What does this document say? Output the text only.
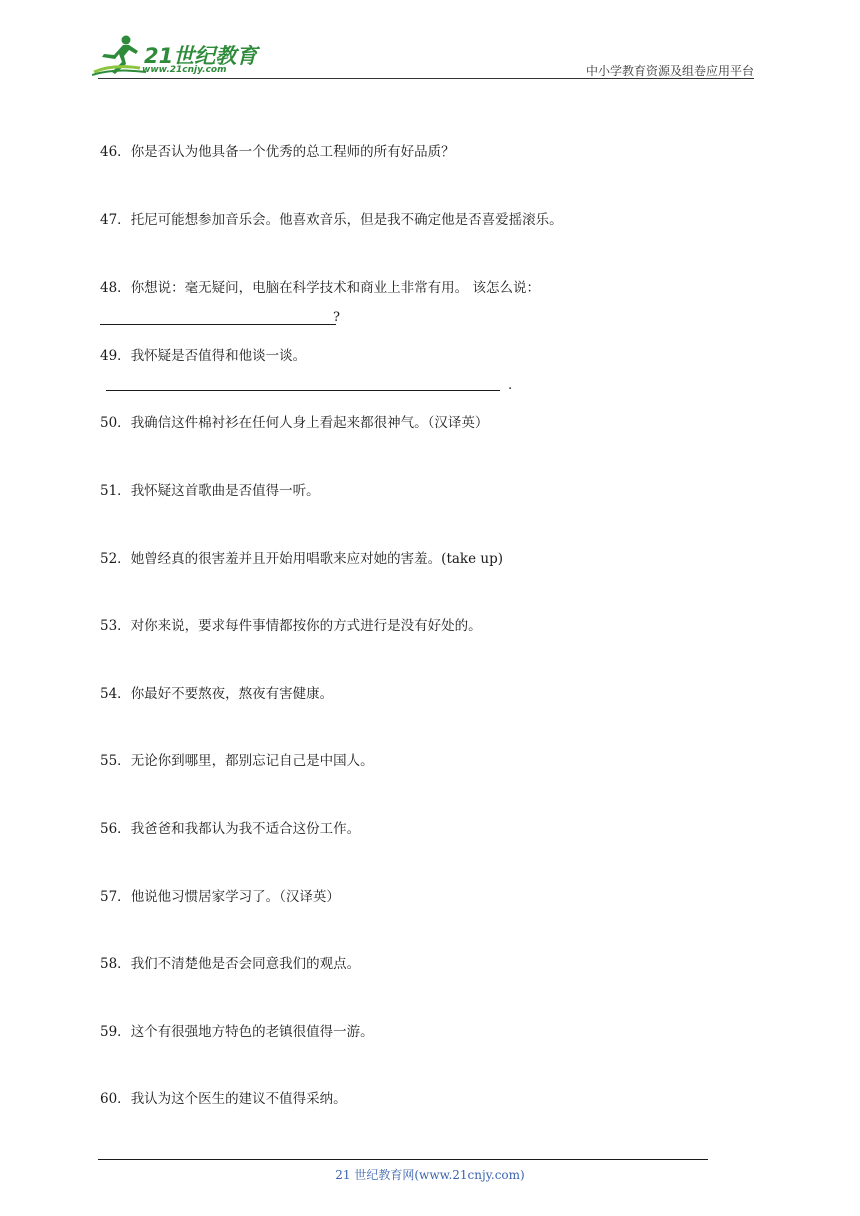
21世纪教育
www.21cnjy.com	中小学教育资源及组卷应用平台
46．你是否认为他具备一个优秀的总工程师的所有好品质？
47．托尼可能想参加音乐会。他喜欢音乐，但是我不确定他是否喜爱摇滚乐。
48．你想说：毫无疑问，电脑在科学技术和商业上非常有用。 该怎么说：
?
49．我怀疑是否值得和他谈一谈。
.
50．我确信这件棉衬衫在任何人身上看起来都很神气。（汉译英）
51．我怀疑这首歌曲是否值得一听。
52．她曾经真的很害羞并且开始用唱歌来应对她的害羞。(take up)
53．对你来说，要求每件事情都按你的方式进行是没有好处的。
54．你最好不要熬夜，熬夜有害健康。
55．无论你到哪里，都别忘记自己是中国人。
56．我爸爸和我都认为我不适合这份工作。
57．他说他习惯居家学习了。（汉译英）
58．我们不清楚他是否会同意我们的观点。
59．这个有很强地方特色的老镇很值得一游。
60．我认为这个医生的建议不值得采纳。
21 世纪教育网(www.21cnjy.com)
